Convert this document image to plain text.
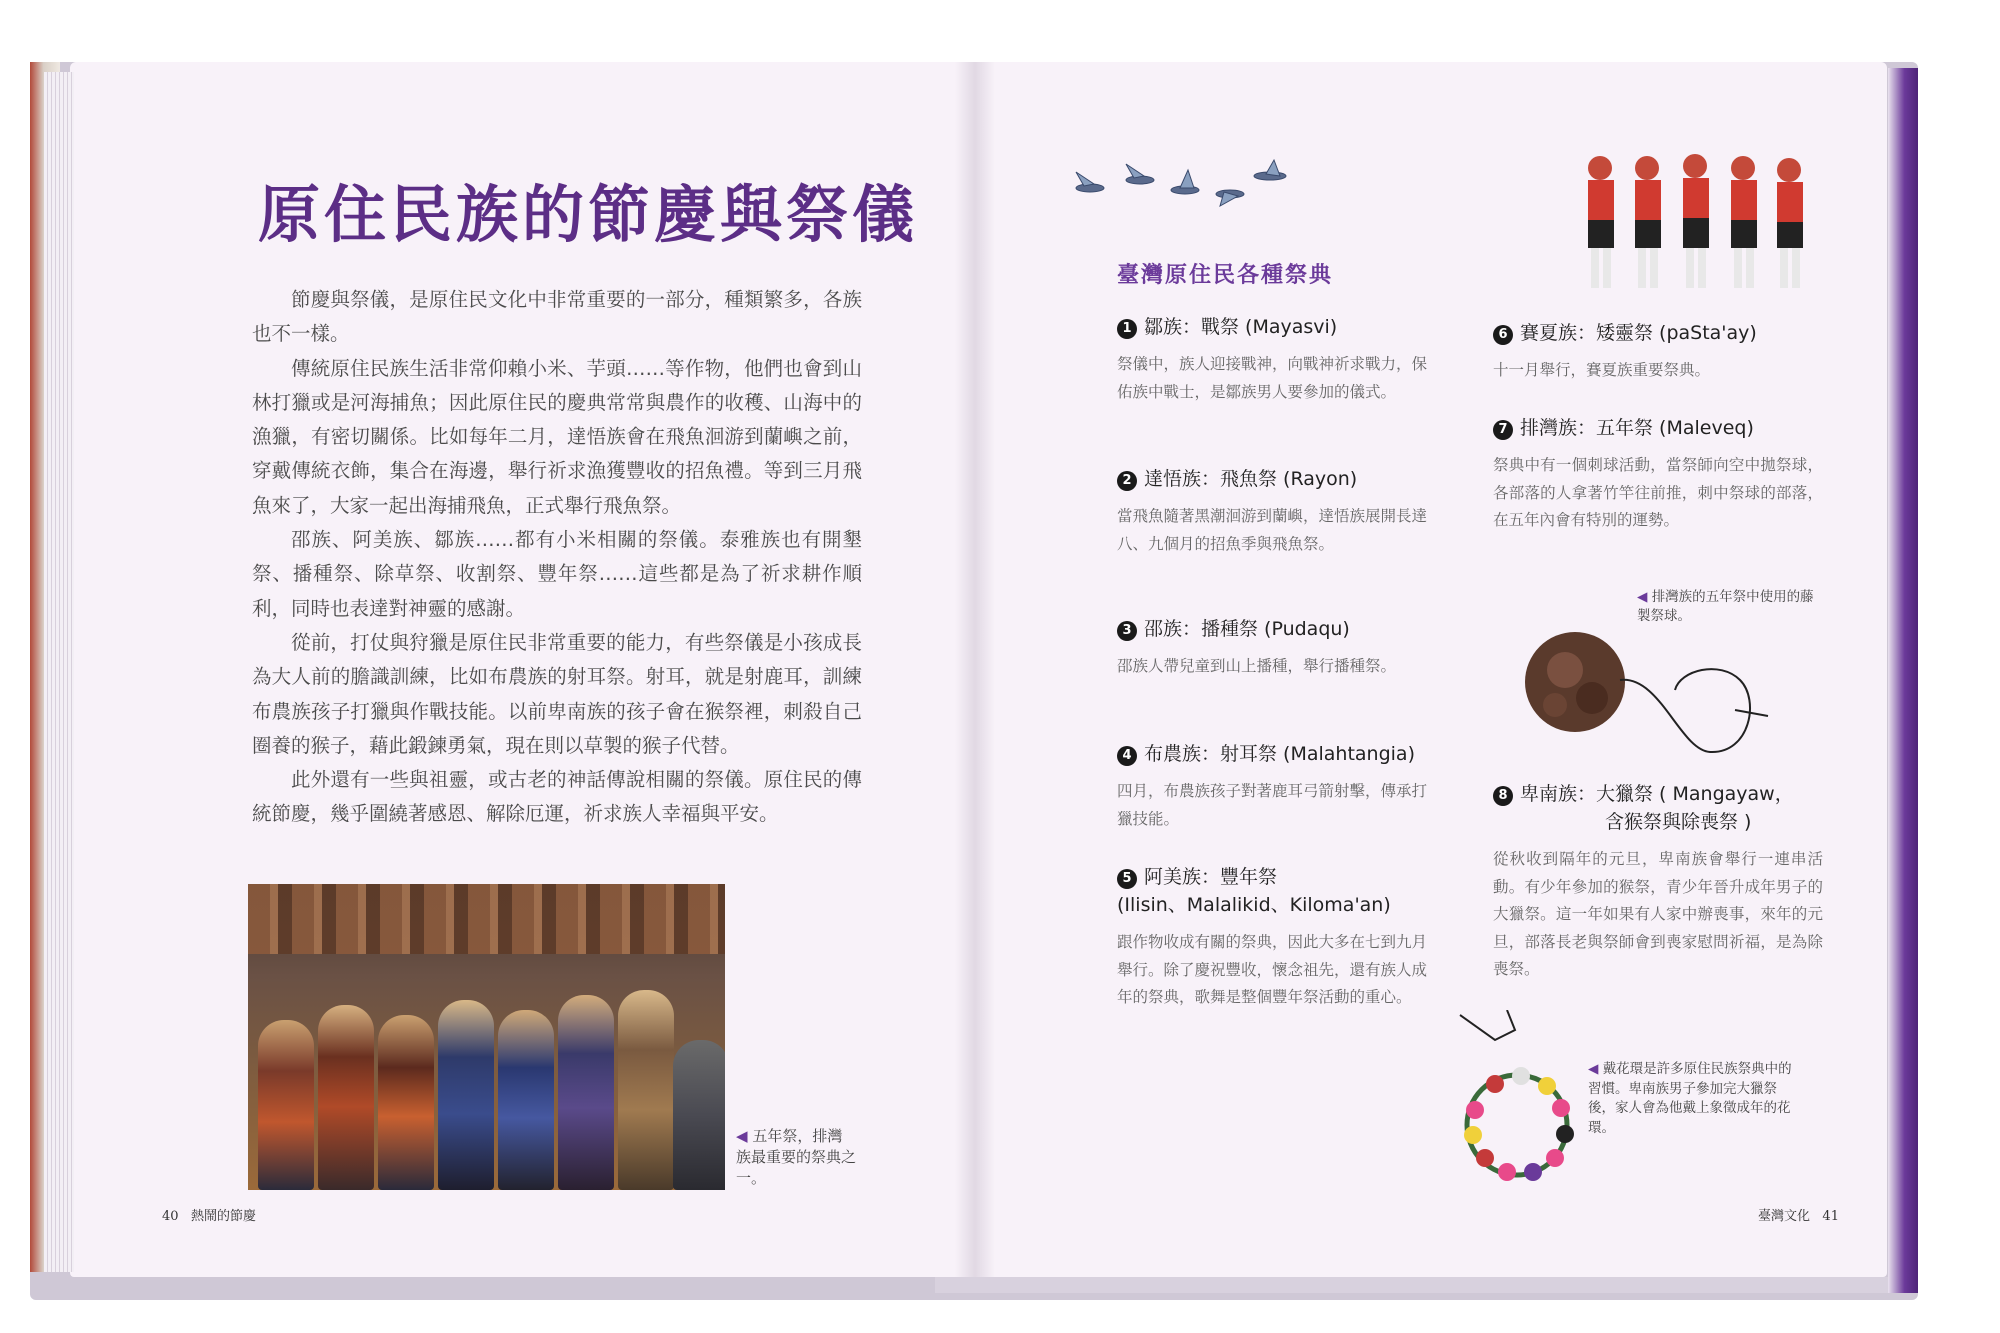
原住民族的節慶與祭儀

節慶與祭儀，是原住民文化中非常重要的一部分，種類繁多，各族也不一樣。

傳統原住民族生活非常仰賴小米、芋頭……等作物，他們也會到山林打獵或是河海捕魚；因此原住民的慶典常常與農作的收穫、山海中的漁獵，有密切關係。比如每年二月，達悟族會在飛魚洄游到蘭嶼之前，穿戴傳統衣飾，集合在海邊，舉行祈求漁獲豐收的招魚禮。等到三月飛魚來了，大家一起出海捕飛魚，正式舉行飛魚祭。

邵族、阿美族、鄒族……都有小米相關的祭儀。泰雅族也有開墾祭、播種祭、除草祭、收割祭、豐年祭……這些都是為了祈求耕作順利，同時也表達對神靈的感謝。

從前，打仗與狩獵是原住民非常重要的能力，有些祭儀是小孩成長為大人前的膽識訓練，比如布農族的射耳祭。射耳，就是射鹿耳，訓練布農族孩子打獵與作戰技能。以前卑南族的孩子會在猴祭裡，刺殺自己圈養的猴子，藉此鍛鍊勇氣，現在則以草製的猴子代替。

此外還有一些與祖靈，或古老的神話傳說相關的祭儀。原住民的傳統節慶，幾乎圍繞著感恩、解除厄運，祈求族人幸福與平安。

◀ 五年祭，排灣族最重要的祭典之一。
40 熱鬧的節慶
臺灣原住民各種祭典
1 鄒族：戰祭 (Mayasvi)
祭儀中，族人迎接戰神，向戰神祈求戰力，保佑族中戰士，是鄒族男人要參加的儀式。
2 達悟族：飛魚祭 (Rayon)
當飛魚隨著黑潮洄游到蘭嶼，達悟族展開長達八、九個月的招魚季與飛魚祭。
3 邵族：播種祭 (Pudaqu)
邵族人帶兒童到山上播種，舉行播種祭。
4 布農族：射耳祭 (Malahtangia)
四月，布農族孩子對著鹿耳弓箭射擊，傳承打獵技能。
5 阿美族：豐年祭
(Ilisin、Malalikid、Kiloma'an)
跟作物收成有關的祭典，因此大多在七到九月舉行。除了慶祝豐收，懷念祖先，還有族人成年的祭典，歌舞是整個豐年祭活動的重心。
6 賽夏族：矮靈祭 (paSta'ay)
十一月舉行，賽夏族重要祭典。
7 排灣族：五年祭 (Maleveq)
祭典中有一個刺球活動，當祭師向空中拋祭球，各部落的人拿著竹竿往前推，刺中祭球的部落，在五年內會有特別的運勢。
◀ 排灣族的五年祭中使用的藤製祭球。
8 卑南族：大獵祭 ( Mangayaw，
含猴祭與除喪祭 )
從秋收到隔年的元旦，卑南族會舉行一連串活動。有少年參加的猴祭，青少年晉升成年男子的大獵祭。這一年如果有人家中辦喪事，來年的元旦，部落長老與祭師會到喪家慰問祈福，是為除喪祭。
◀ 戴花環是許多原住民族祭典中的習慣。卑南族男子參加完大獵祭後，家人會為他戴上象徵成年的花環。
臺灣文化 41
